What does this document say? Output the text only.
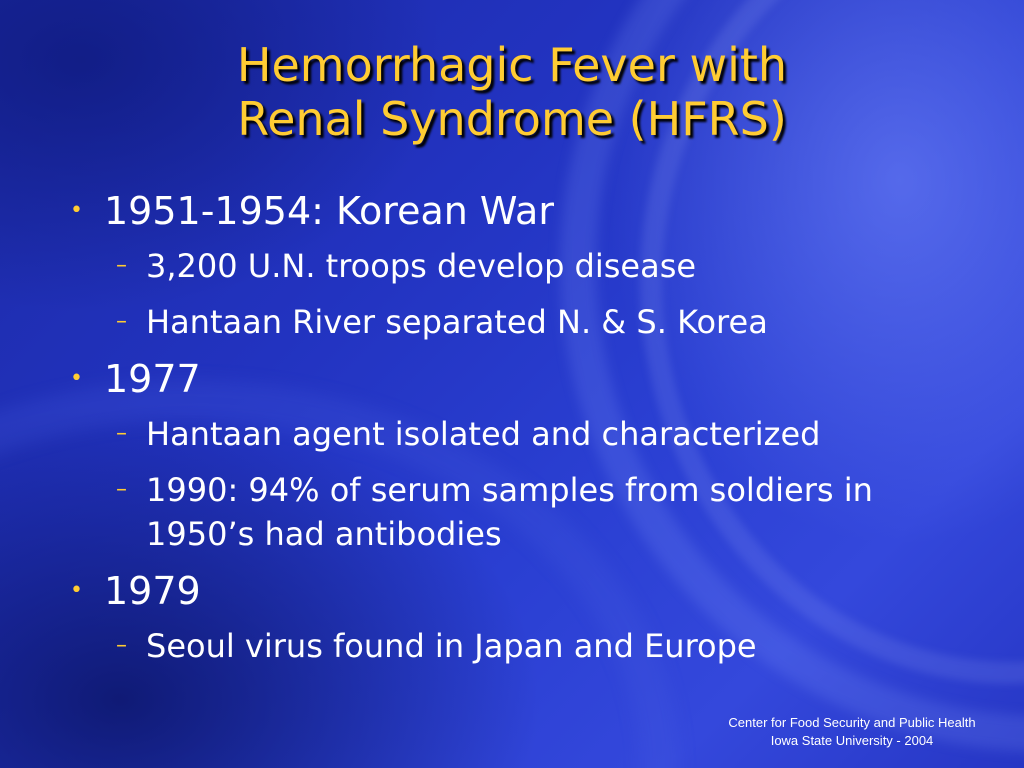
Hemorrhagic Fever with
Renal Syndrome (HFRS)
• 1951-1954: Korean War
– 3,200 U.N. troops develop disease
– Hantaan River separated N. & S. Korea
• 1977
– Hantaan agent isolated and characterized
– 1990: 94% of serum samples from soldiers in 1950’s had antibodies
• 1979
– Seoul virus found in Japan and Europe
Center for Food Security and Public Health
Iowa State University - 2004
